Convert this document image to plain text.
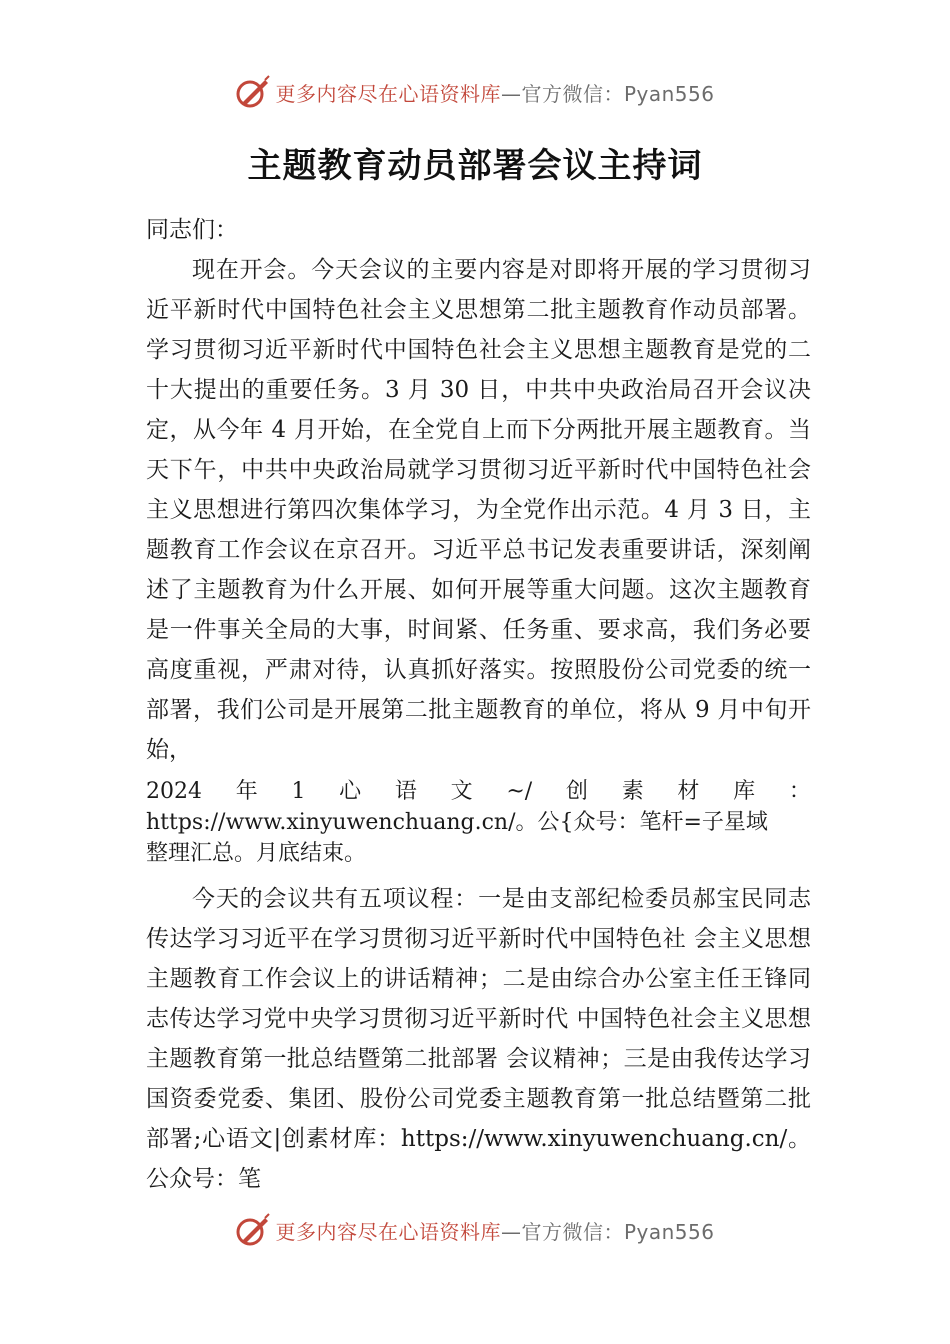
更多内容尽在心语资料库—官方微信：Pyan556
主题教育动员部署会议主持词

同志们：

现在开会。今天会议的主要内容是对即将开展的学习贯彻习近平新时代中国特色社会主义思想第二批主题教育作动员部署。学习贯彻习近平新时代中国特色社会主义思想主题教育是党的二十大提出的重要任务。3 月 30 日，中共中央政治局召开会议决定，从今年 4 月开始，在全党自上而下分两批开展主题教育。当天下午，中共中央政治局就学习贯彻习近平新时代中国特色社会主义思想进行第四次集体学习，为全党作出示范。4 月 3 日，主题教育工作会议在京召开。习近平总书记发表重要讲话，深刻阐述了主题教育为什么开展、如何开展等重大问题。这次主题教育是一件事关全局的大事，时间紧、任务重、要求高，我们务必要高度重视，严肃对待，认真抓好落实。按照股份公司党委的统一部署，我们公司是开展第二批主题教育的单位，将从 9 月中旬开始，

2024 年 1 心 语 文 ~/ 创 素 材 库 ：
https://www.xinyuwenchuang.cn/。公{众号：笔杆=子星域
整理汇总。月底结束。

今天的会议共有五项议程：一是由支部纪检委员郝宝民同志传达学习习近平在学习贯彻习近平新时代中国特色社 会主义思想主题教育工作会议上的讲话精神；二是由综合办公室主任王锋同志传达学习党中央学习贯彻习近平新时代 中国特色社会主义思想主题教育第一批总结暨第二批部署 会议精神；三是由我传达学习国资委党委、集团、股份公司党委主题教育第一批总结暨第二批部署;心语文|创素材库：https://www.xinyuwenchuang.cn/。公众号：笔

更多内容尽在心语资料库—官方微信：Pyan556
